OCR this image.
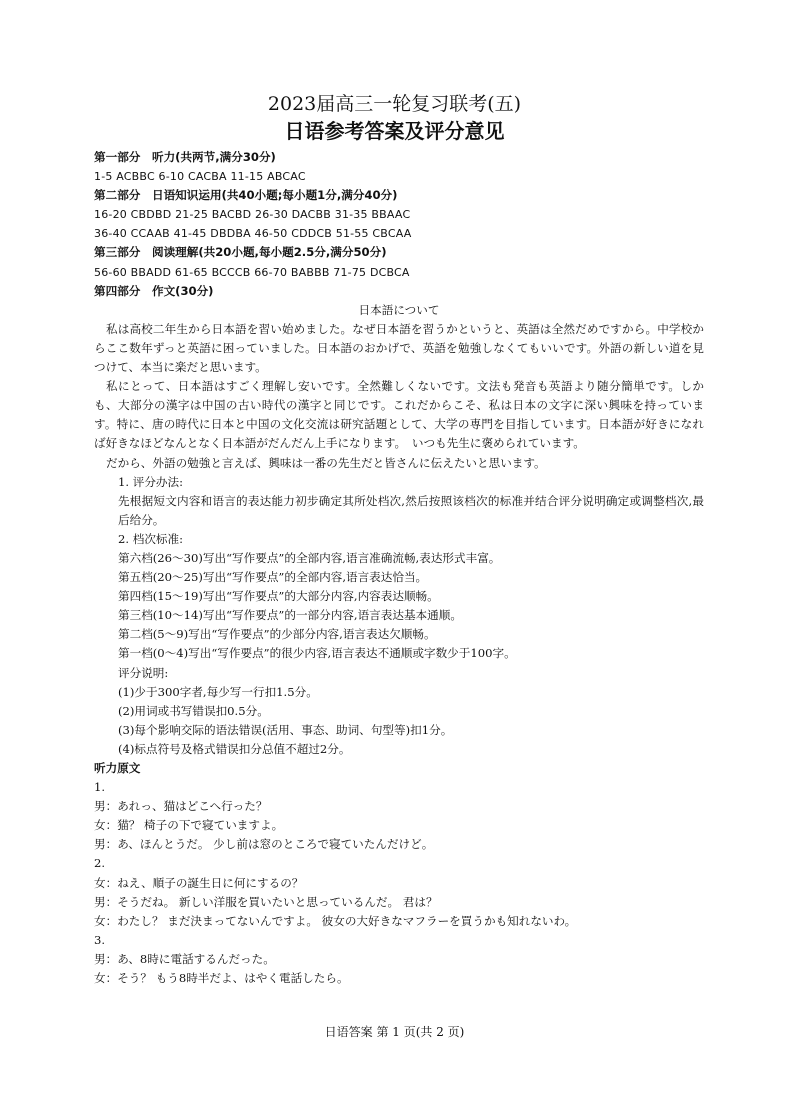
2023届高三一轮复习联考(五)
日语参考答案及评分意见
第一部分　听力(共两节,满分30分)
1-5 ACBBC 6-10 CACBA 11-15 ABCAC
第二部分　日语知识运用(共40小题;每小题1分,满分40分)
16-20 CBDBD 21-25 BACBD 26-30 DACBB 31-35 BBAAC
36-40 CCAAB 41-45 DBDBA 46-50 CDDCB 51-55 CBCAA
第三部分　阅读理解(共20小题,每小题2.5分,满分50分)
56-60 BBADD 61-65 BCCCB 66-70 BABBB 71-75 DCBCA
第四部分　作文(30分)
日本語について
私は高校二年生から日本語を習い始めました。なぜ日本語を習うかというと、英語は全然だめですから。中学校からここ数年ずっと英語に困っていました。日本語のおかげで、英語を勉強しなくてもいいです。外語の新しい道を見つけて、本当に楽だと思います。
私にとって、日本語はすごく理解し安いです。全然難しくないです。文法も発音も英語より随分簡単です。しかも、大部分の漢字は中国の古い時代の漢字と同じです。これだからこそ、私は日本の文字に深い興味を持っています。特に、唐の時代に日本と中国の文化交流は研究話題として、大学の専門を目指しています。日本語が好きになれば好きなほどなんとなく日本語がだんだん上手になります。　いつも先生に褒められています。
だから、外語の勉強と言えば、興味は一番の先生だと皆さんに伝えたいと思います。
1. 评分办法:
先根据短文内容和语言的表达能力初步确定其所处档次,然后按照该档次的标准并结合评分说明确定或调整档次,最后给分。
2. 档次标准:
第六档(26～30)写出“写作要点”的全部内容,语言准确流畅,表达形式丰富。
第五档(20～25)写出“写作要点”的全部内容,语言表达恰当。
第四档(15～19)写出“写作要点”的大部分内容,内容表达顺畅。
第三档(10～14)写出“写作要点”的一部分内容,语言表达基本通顺。
第二档(5～9)写出“写作要点”的少部分内容,语言表达欠顺畅。
第一档(0～4)写出“写作要点”的很少内容,语言表达不通顺或字数少于100字。
评分说明:
(1)少于300字者,每少写一行扣1.5分。
(2)用词或书写错误扣0.5分。
(3)每个影响交际的语法错误(活用、事态、助词、句型等)扣1分。
(4)标点符号及格式错误扣分总值不超过2分。
听力原文
1.
男：あれっ、猫はどこへ行った？
女：猫？ 椅子の下で寝ていますよ。
男：あ、ほんとうだ。 少し前は窓のところで寝ていたんだけど。
2.
女：ねえ、順子の誕生日に何にするの？
男：そうだね。 新しい洋服を買いたいと思っているんだ。 君は？
女：わたし？ まだ決まってないんですよ。 彼女の大好きなマフラーを買うかも知れないわ。
3.
男：あ、8時に電話するんだった。
女：そう？ もう8時半だよ、はやく電話したら。
日语答案 第 1 页(共 2 页)
